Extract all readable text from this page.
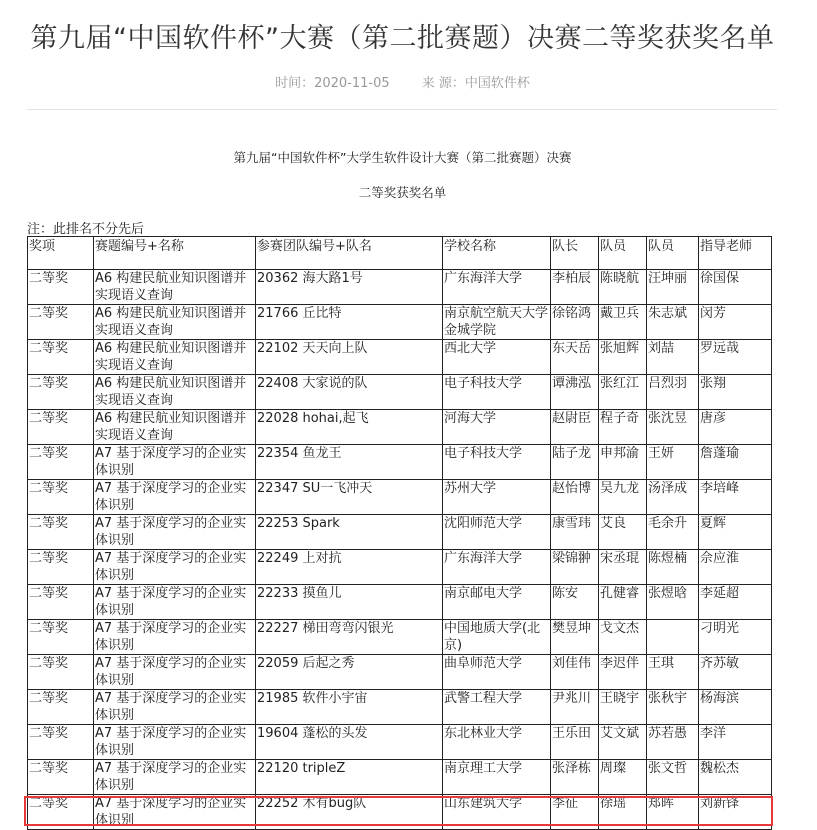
第九届“中国软件杯”大赛（第二批赛题）决赛二等奖获奖名单
时间：2020-11-05 来 源：中国软件杯
第九届“中国软件杯”大学生软件设计大赛（第二批赛题）决赛
二等奖获奖名单
注：此排名不分先后
奖项	赛题编号+名称	参赛团队编号+队名	学校名称	队长	队员	队员	指导老师

二等奖	A6 构建民航业知识图谱并实现语义查询	20362 海大路1号	广东海洋大学	李柏辰	陈晓航	汪坤丽	徐国保

二等奖	A6 构建民航业知识图谱并实现语义查询	21766 丘比特	南京航空航天大学金城学院	徐铭鸿	戴卫兵	朱志斌	闵芳

二等奖	A6 构建民航业知识图谱并实现语义查询	22102 天天向上队	西北大学	东天岳	张旭辉	刘喆	罗远哉

二等奖	A6 构建民航业知识图谱并实现语义查询	22408 大家说的队	电子科技大学	谭沸泓	张红江	吕烈羽	张翔

二等奖	A6 构建民航业知识图谱并实现语义查询	22028 hohai,起飞	河海大学	赵尉臣	程子奇	张沈昱	唐彦

二等奖	A7 基于深度学习的企业实体识别	22354 鱼龙王	电子科技大学	陆子龙	申邦渝	王妍	詹蓬瑜

二等奖	A7 基于深度学习的企业实体识别	22347 SU一飞冲天	苏州大学	赵怡博	吴九龙	汤泽成	李培峰

二等奖	A7 基于深度学习的企业实体识别	22253 Spark	沈阳师范大学	康雪玮	艾良	毛余升	夏辉

二等奖	A7 基于深度学习的企业实体识别	22249 上对抗	广东海洋大学	梁锦翀	宋丞琨	陈煜楠	佘应淮

二等奖	A7 基于深度学习的企业实体识别	22233 摸鱼儿	南京邮电大学	陈安	孔健睿	张煜晗	李延超

二等奖	A7 基于深度学习的企业实体识别	22227 梯田弯弯闪银光	中国地质大学(北京)	樊昱坤	戈文杰		刁明光

二等奖	A7 基于深度学习的企业实体识别	22059 后起之秀	曲阜师范大学	刘佳伟	李迟伴	王琪	齐苏敏

二等奖	A7 基于深度学习的企业实体识别	21985 软件小宇宙	武警工程大学	尹兆川	王晓宇	张秋宇	杨海滨

二等奖	A7 基于深度学习的企业实体识别	19604 蓬松的头发	东北林业大学	王乐田	艾文斌	苏若愚	李洋

二等奖	A7 基于深度学习的企业实体识别	22120 tripleZ	南京理工大学	张泽栋	周璨	张文哲	魏松杰

二等奖	A7 基于深度学习的企业实体识别	22252 木有bug队	山东建筑大学	李征	徐瑶	郑晖	刘新锋
